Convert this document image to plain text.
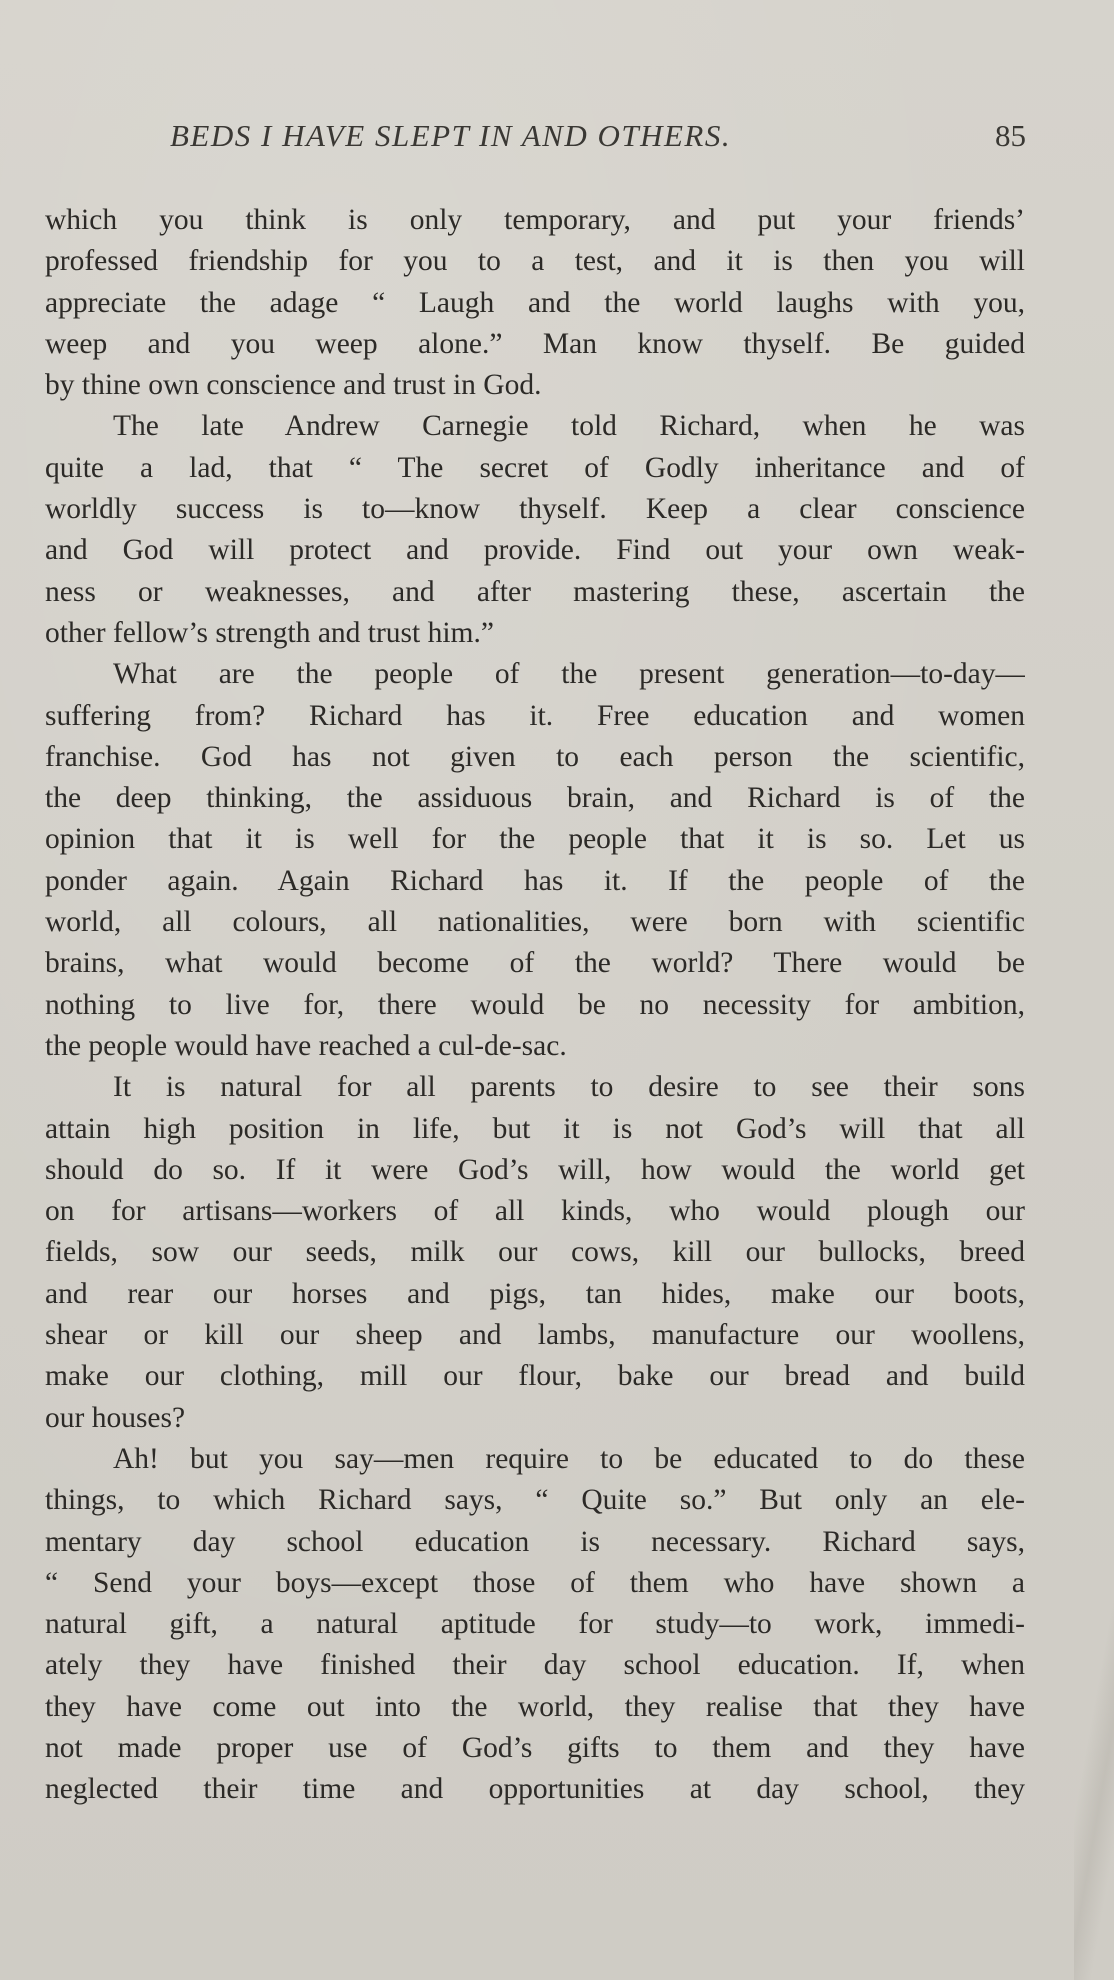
BEDS I HAVE SLEPT IN AND OTHERS.	85
which you think is only temporary, and put your friends’
professed friendship for you to a test, and it is then you will
appreciate the adage “ Laugh and the world laughs with you,
weep and you weep alone.” Man know thyself. Be guided
by thine own conscience and trust in God.
The late Andrew Carnegie told Richard, when he was
quite a lad, that “ The secret of Godly inheritance and of
worldly success is to—know thyself. Keep a clear conscience
and God will protect and provide. Find out your own weak-
ness or weaknesses, and after mastering these, ascertain the
other fellow’s strength and trust him.”
What are the people of the present generation—to-day—
suffering from? Richard has it. Free education and women
franchise. God has not given to each person the scientific,
the deep thinking, the assiduous brain, and Richard is of the
opinion that it is well for the people that it is so. Let us
ponder again. Again Richard has it. If the people of the
world, all colours, all nationalities, were born with scientific
brains, what would become of the world? There would be
nothing to live for, there would be no necessity for ambition,
the people would have reached a cul-de-sac.
It is natural for all parents to desire to see their sons
attain high position in life, but it is not God’s will that all
should do so. If it were God’s will, how would the world get
on for artisans—workers of all kinds, who would plough our
fields, sow our seeds, milk our cows, kill our bullocks, breed
and rear our horses and pigs, tan hides, make our boots,
shear or kill our sheep and lambs, manufacture our woollens,
make our clothing, mill our flour, bake our bread and build
our houses?
Ah! but you say—men require to be educated to do these
things, to which Richard says, “ Quite so.” But only an ele-
mentary day school education is necessary. Richard says,
“ Send your boys—except those of them who have shown a
natural gift, a natural aptitude for study—to work, immedi-
ately they have finished their day school education. If, when
they have come out into the world, they realise that they have
not made proper use of God’s gifts to them and they have
neglected their time and opportunities at day school, they
